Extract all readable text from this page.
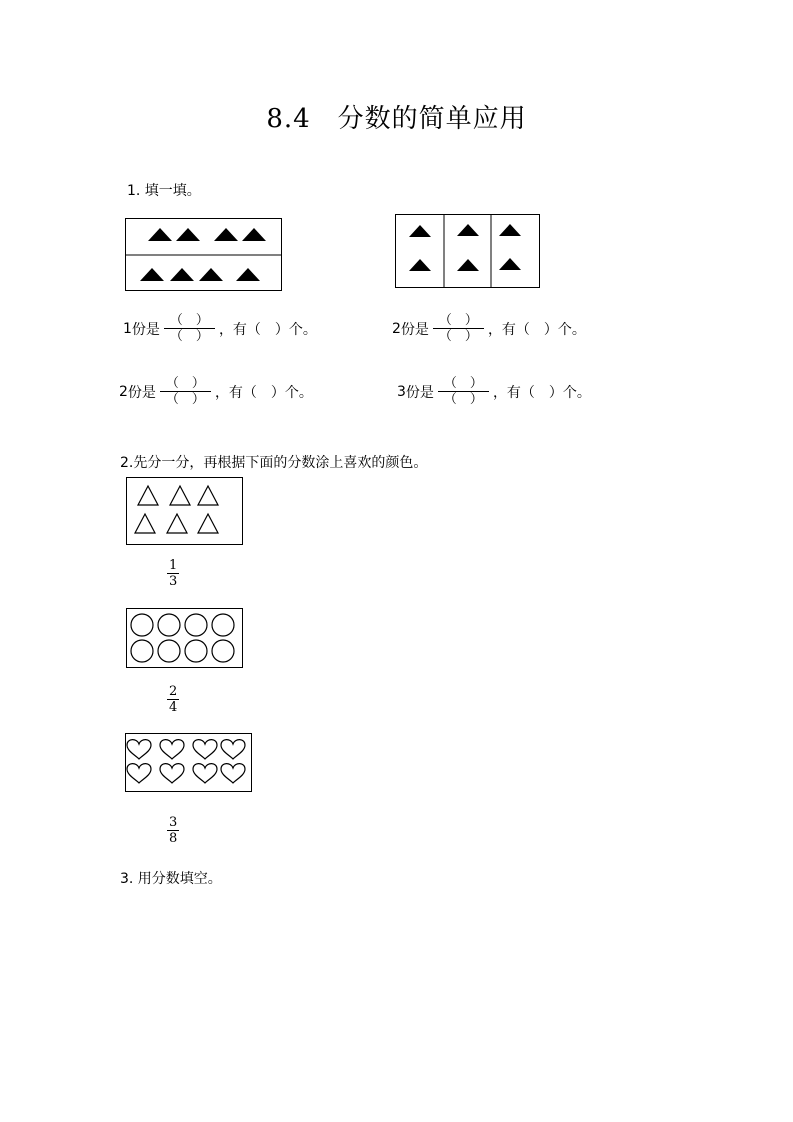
8.4　分数的简单应用
1. 填一填。
1 份是 $\frac{( )}{( )}$ ，有（　）个。	2 份是 $\frac{( )}{( )}$ ，有（　）个。
2 份是 $\frac{( )}{( )}$ ，有（　）个。	3 份是 $\frac{( )}{( )}$ ，有（　）个。
2.先分一分，再根据下面的分数涂上喜欢的颜色。
$\frac{1}{3}$
$\frac{2}{4}$
$\frac{3}{8}$
3. 用分数填空。
